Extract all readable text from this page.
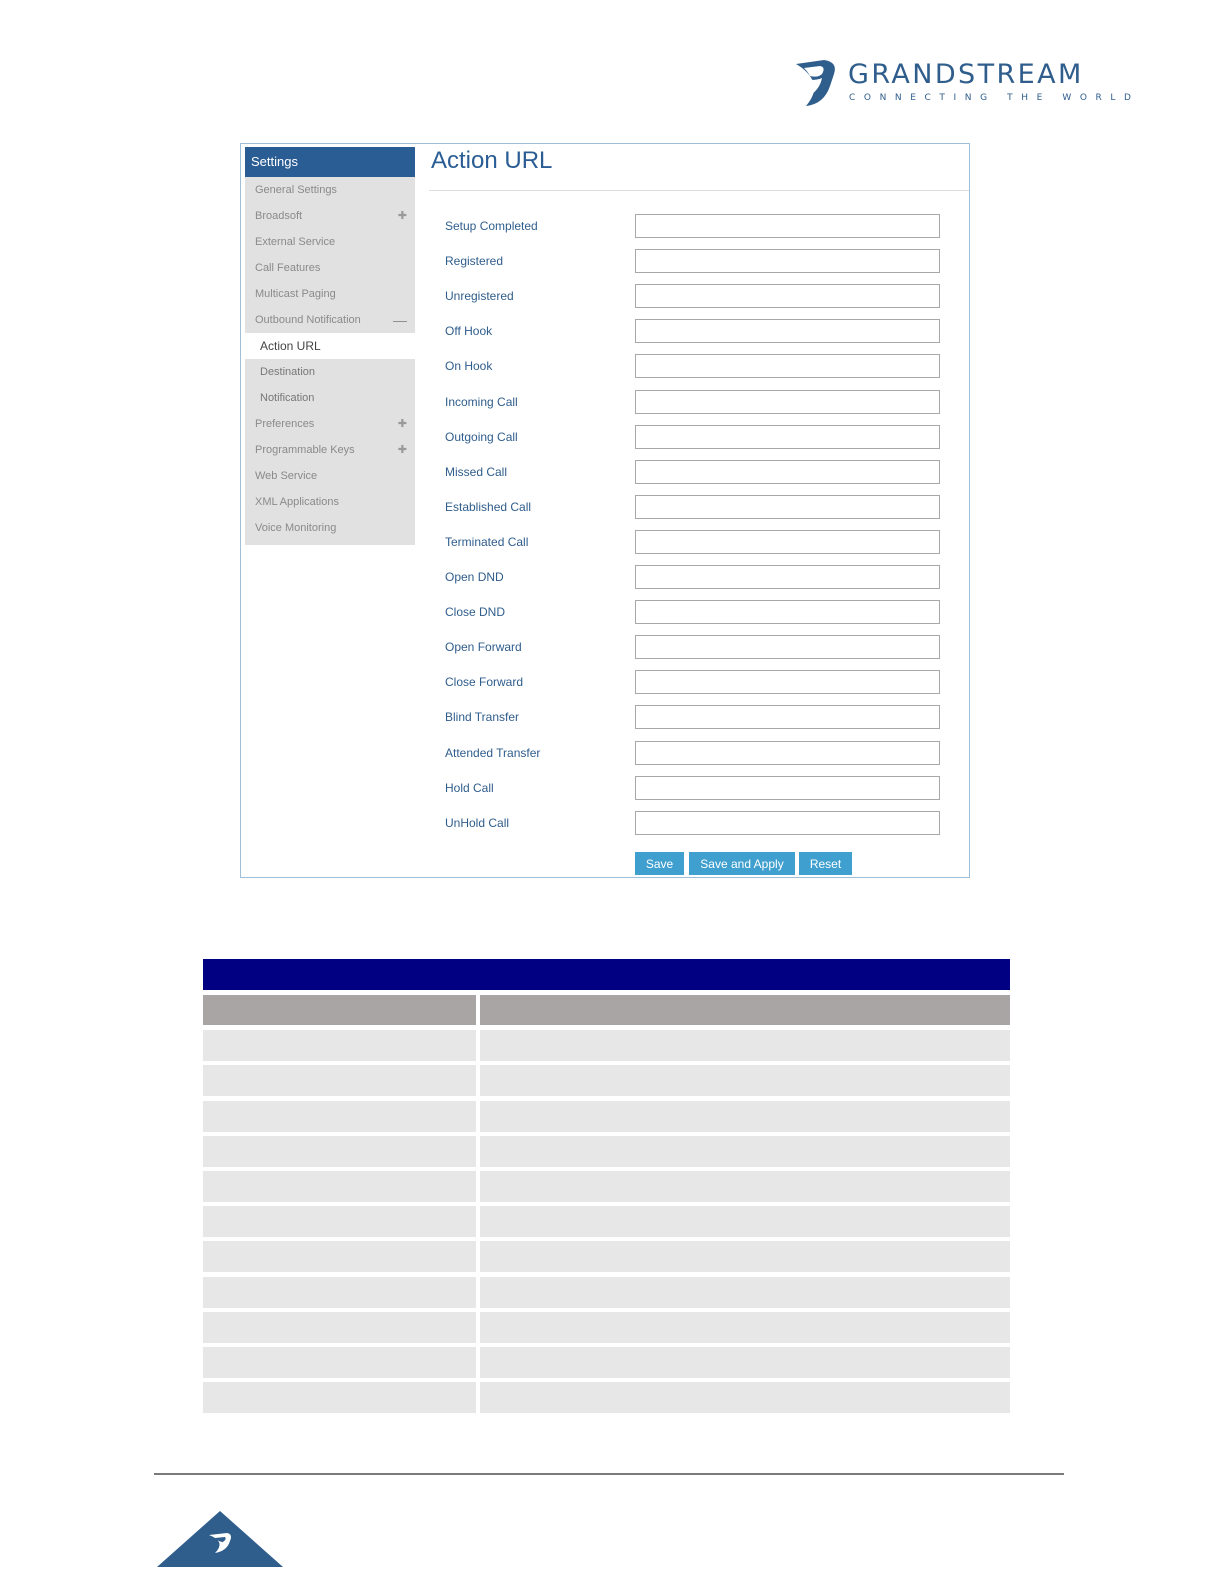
GRANDSTREAM
CONNECTING THE WORLD
Settings
General Settings
Broadsoft	✚
External Service
Call Features
Multicast Paging
Outbound Notification —
Action URL
Destination
Notification
Preferences	✚
Programmable Keys	✚
Web Service
XML Applications
Voice Monitoring
Action URL
Setup Completed
Registered
Unregistered
Off Hook
On Hook
Incoming Call
Outgoing Call
Missed Call
Established Call
Terminated Call
Open DND
Close DND
Open Forward
Close Forward
Blind Transfer
Attended Transfer
Hold Call
UnHold Call
Save	Save and Apply	Reset
